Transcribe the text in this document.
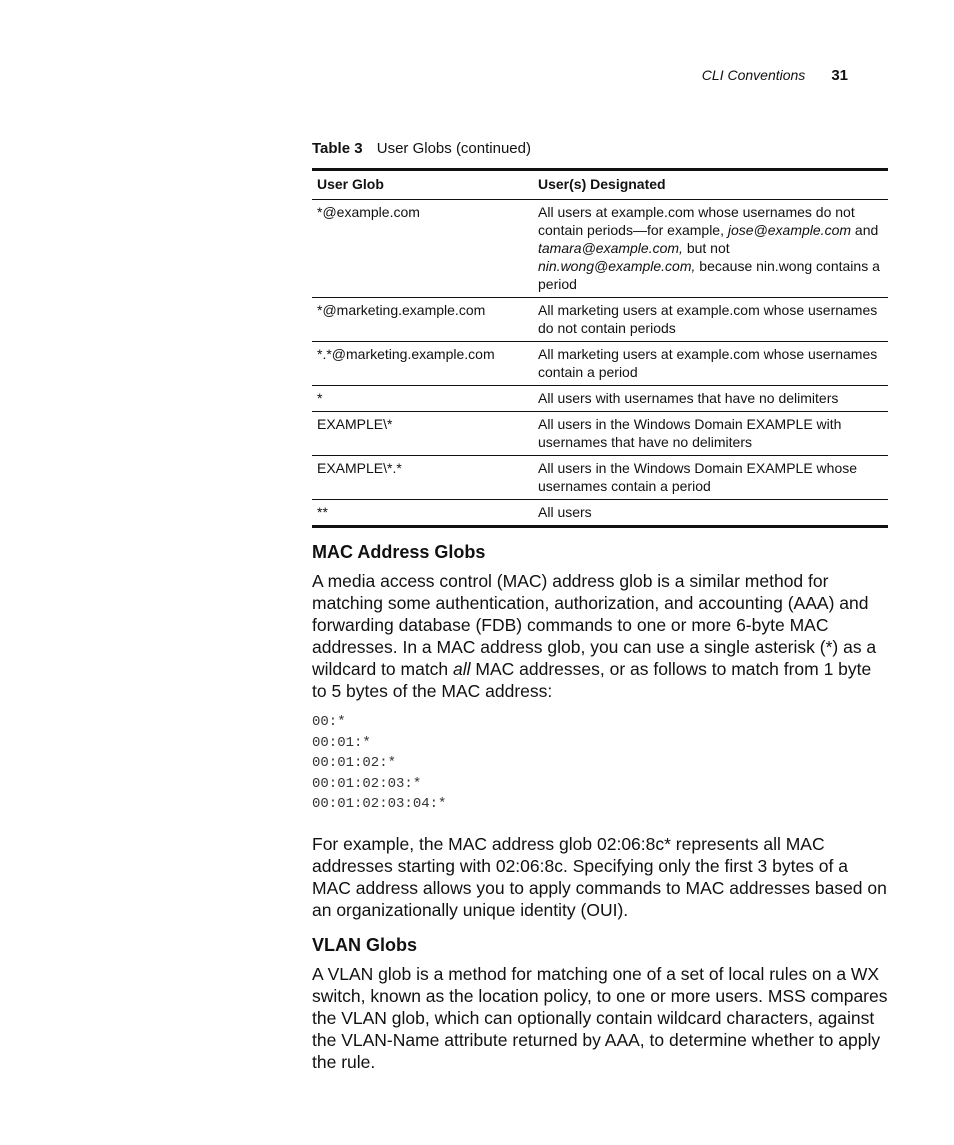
CLI Conventions 31
Table 3 User Globs (continued)
User Glob	User(s) Designated
*@example.com	All users at example.com whose usernames do not contain periods—for example, jose@example.com and tamara@example.com, but not nin.wong@example.com, because nin.wong contains a period
*@marketing.example.com	All marketing users at example.com whose usernames do not contain periods
*.*@marketing.example.com	All marketing users at example.com whose usernames contain a period
*	All users with usernames that have no delimiters
EXAMPLE\*	All users in the Windows Domain EXAMPLE with usernames that have no delimiters
EXAMPLE\*.*	All users in the Windows Domain EXAMPLE whose usernames contain a period
**	All users
MAC Address Globs

A media access control (MAC) address glob is a similar method for matching some authentication, authorization, and accounting (AAA) and forwarding database (FDB) commands to one or more 6-byte MAC addresses. In a MAC address glob, you can use a single asterisk (*) as a wildcard to match all MAC addresses, or as follows to match from 1 byte to 5 bytes of the MAC address:

00:*
00:01:*
00:01:02:*
00:01:02:03:*
00:01:02:03:04:*

For example, the MAC address glob 02:06:8c* represents all MAC addresses starting with 02:06:8c. Specifying only the first 3 bytes of a MAC address allows you to apply commands to MAC addresses based on an organizationally unique identity (OUI).

VLAN Globs

A VLAN glob is a method for matching one of a set of local rules on a WX switch, known as the location policy, to one or more users. MSS compares the VLAN glob, which can optionally contain wildcard characters, against the VLAN-Name attribute returned by AAA, to determine whether to apply the rule.
